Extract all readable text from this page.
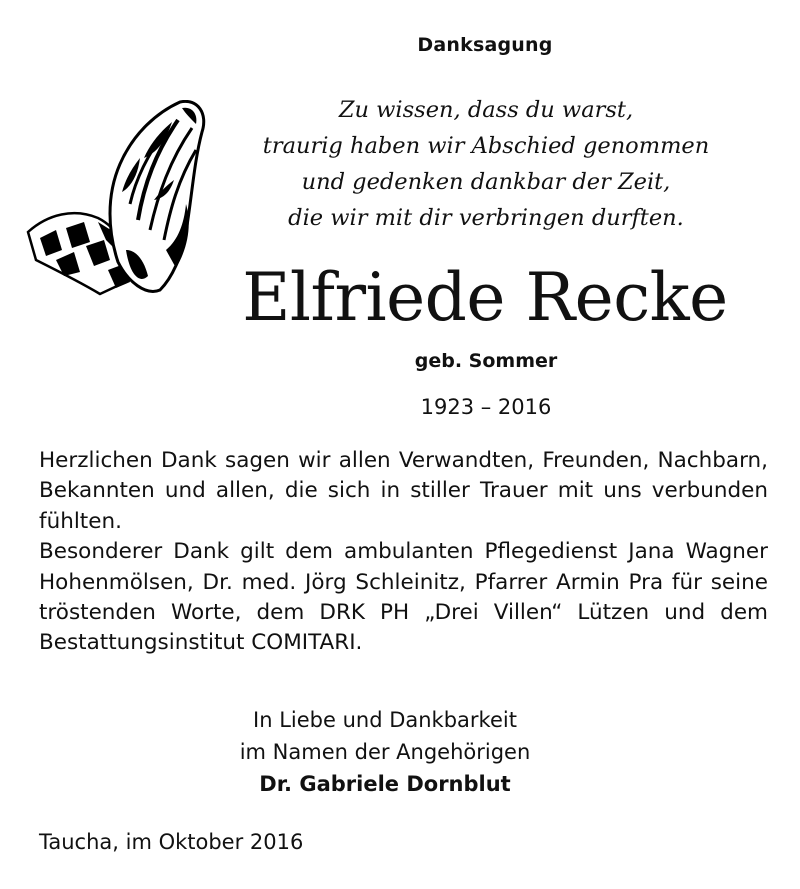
Danksagung
Zu wissen, dass du warst,
traurig haben wir Abschied genommen
und gedenken dankbar der Zeit,
die wir mit dir verbringen durften.
Elfriede Recke
geb. Sommer
1923 – 2016

Herzlichen Dank sagen wir allen Verwandten, Freunden, Nachbarn, Bekannten und allen, die sich in stiller Trauer mit uns verbunden fühlten.

Besonderer Dank gilt dem ambulanten Pflegedienst Jana Wagner Hohenmölsen, Dr. med. Jörg Schleinitz, Pfarrer Armin Pra für seine tröstenden Worte, dem DRK PH „Drei Villen“ Lützen und dem Bestattungsinstitut COMITARI.

In Liebe und Dankbarkeit
im Namen der Angehörigen
Dr. Gabriele Dornblut
Taucha, im Oktober 2016
